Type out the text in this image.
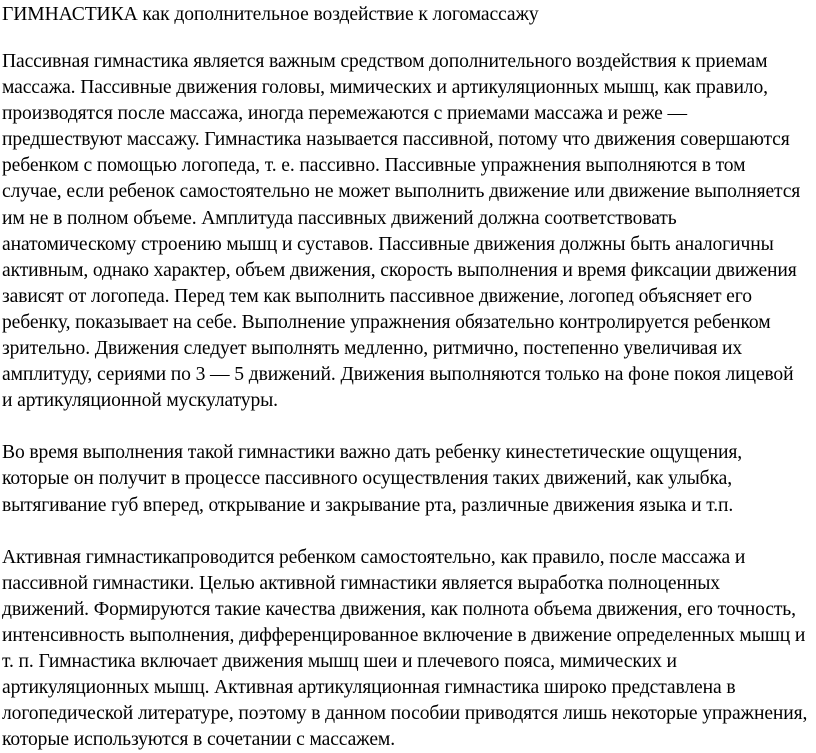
ГИМНАСТИКА как дополнительное воздействие к логомассажу

Пассивная гимнастика является важным средством дополнительного воздействия к приемам массажа. Пассивные движения головы, мимических и артикуляционных мышц, как правило, производятся после массажа, иногда перемежаются с приемами массажа и реже — предшествуют массажу. Гимнастика называется пассивной, потому что движения совершаются ребенком с помощью логопеда, т. е. пассивно. Пассивные упражнения выполняются в том случае, если ребенок самостоятельно не может выполнить движение или движение выполняется им не в полном объеме. Амплитуда пассивных движений должна соответствовать анатомическому строению мышц и суставов. Пассивные движения должны быть аналогичны активным, однако характер, объем движения, скорость выполнения и время фиксации движения зависят от логопеда. Перед тем как выполнить пассивное движение, логопед объясняет его ребенку, показывает на себе. Выполнение упражнения обязательно контролируется ребенком зрительно. Движения следует выполнять медленно, ритмично, постепенно увеличивая их амплитуду, сериями по 3 — 5 движений. Движения выполняются только на фоне покоя лицевой и артикуляционной мускулатуры.

Во время выполнения такой гимнастики важно дать ребенку кинестетические ощущения, которые он получит в процессе пассивного осуществления таких движений, как улыбка, вытягивание губ вперед, открывание и закрывание рта, различные движения языка и т.п.

Активная гимнастикапроводится ребенком самостоятельно, как правило, после массажа и пассивной гимнастики. Целью активной гимнастики является выработка полноценных движений. Формируются такие качества движения, как полнота объема движения, его точность, интенсивность выполнения, дифференцированное включение в движение определенных мышц и т. п. Гимнастика включает движения мышц шеи и плечевого пояса, мимических и артикуляционных мышц. Активная артикуляционная гимнастика широко представлена в логопедической литературе, поэтому в данном пособии приводятся лишь некоторые упражнения, которые используются в сочетании с массажем.
